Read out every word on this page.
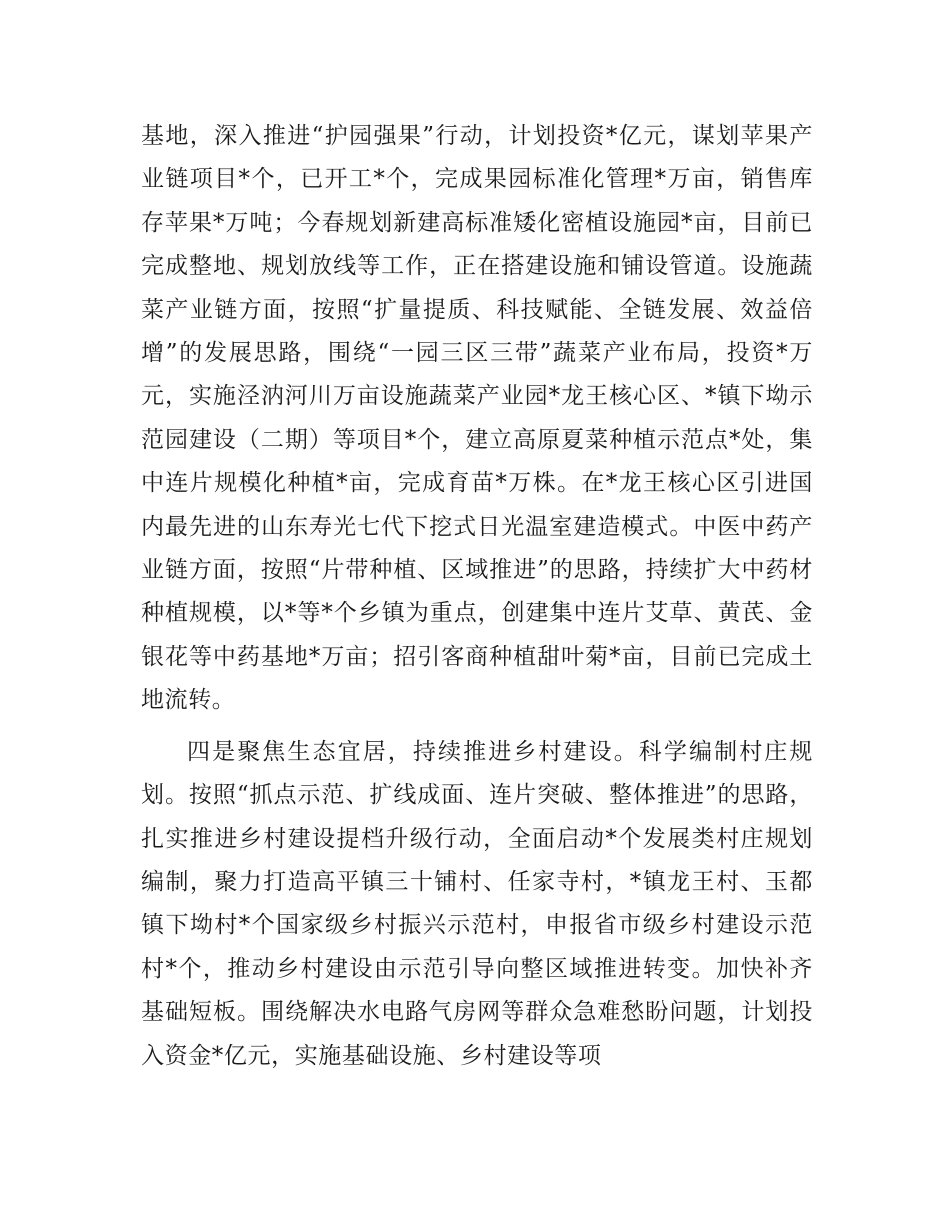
基地，深入推进“护园强果”行动，计划投资*亿元，谋划苹果产业链项目*个，已开工*个，完成果园标准化管理*万亩，销售库存苹果*万吨；今春规划新建高标准矮化密植设施园*亩，目前已完成整地、规划放线等工作，正在搭建设施和铺设管道。设施蔬菜产业链方面，按照“扩量提质、科技赋能、全链发展、效益倍增”的发展思路，围绕“一园三区三带”蔬菜产业布局，投资*万元，实施泾汭河川万亩设施蔬菜产业园*龙王核心区、*镇下坳示范园建设（二期）等项目*个，建立高原夏菜种植示范点*处，集中连片规模化种植*亩，完成育苗*万株。在*龙王核心区引进国内最先进的山东寿光七代下挖式日光温室建造模式。中医中药产业链方面，按照“片带种植、区域推进”的思路，持续扩大中药材种植规模，以*等*个乡镇为重点，创建集中连片艾草、黄芪、金银花等中药基地*万亩；招引客商种植甜叶菊*亩，目前已完成土地流转。

四是聚焦生态宜居，持续推进乡村建设。科学编制村庄规划。按照“抓点示范、扩线成面、连片突破、整体推进”的思路，扎实推进乡村建设提档升级行动，全面启动*个发展类村庄规划编制，聚力打造高平镇三十铺村、任家寺村，*镇龙王村、玉都镇下坳村*个国家级乡村振兴示范村，申报省市级乡村建设示范村*个，推动乡村建设由示范引导向整区域推进转变。加快补齐基础短板。围绕解决水电路气房网等群众急难愁盼问题，计划投入资金*亿元，实施基础设施、乡村建设等项
